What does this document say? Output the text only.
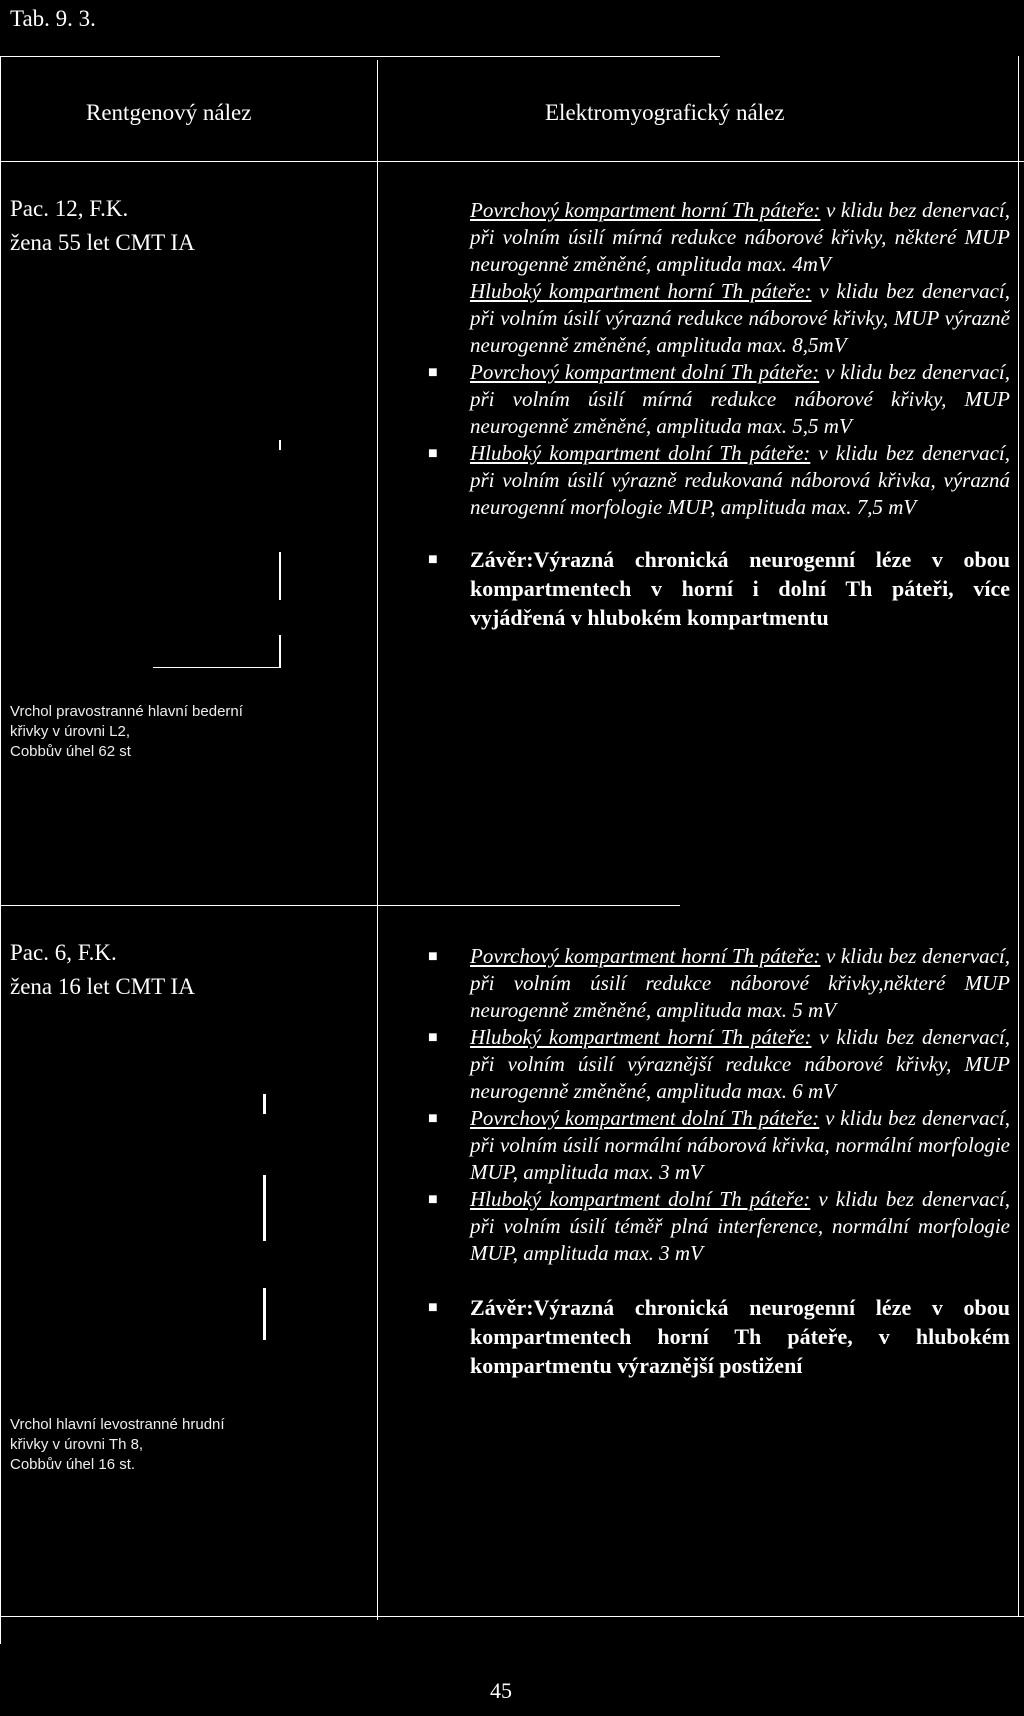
Tab. 9. 3.
Rentgenový nález	Elektromyografický nález
Pac. 12, F.K.
žena 55 let CMT IA
Vrchol pravostranné hlavní bederní
křivky v úrovni L2,
Cobbův úhel 62 st
Povrchový kompartment horní Th páteře: v klidu bez denervací, při volním úsilí mírná redukce náborové křivky, některé MUP neurogenně změněné, amplituda max. 4mV
Hluboký kompartment horní Th páteře: v klidu bez denervací, při volním úsilí výrazná redukce náborové křivky, MUP výrazně neurogenně změněné, amplituda max. 8,5mV
■ Povrchový kompartment dolní Th páteře: v klidu bez denervací, při volním úsilí mírná redukce náborové křivky, MUP neurogenně změněné, amplituda max. 5,5 mV
■ Hluboký kompartment dolní Th páteře: v klidu bez denervací, při volním úsilí výrazně redukovaná náborová křivka, výrazná neurogenní morfologie MUP, amplituda max. 7,5 mV
■ Závěr:Výrazná chronická neurogenní léze v obou kompartmentech v horní i dolní Th páteři, více vyjádřená v hlubokém kompartmentu
Pac. 6, F.K.
žena 16 let CMT IA
Vrchol hlavní levostranné hrudní
křivky v úrovni Th 8,
Cobbův úhel 16 st.
■ Povrchový kompartment horní Th páteře: v klidu bez denervací, při volním úsilí redukce náborové křivky,některé MUP neurogenně změněné, amplituda max. 5 mV
■ Hluboký kompartment horní Th páteře: v klidu bez denervací, při volním úsilí výraznější redukce náborové křivky, MUP neurogenně změněné, amplituda max. 6 mV
■ Povrchový kompartment dolní Th páteře: v klidu bez denervací, při volním úsilí normální náborová křivka, normální morfologie MUP, amplituda max. 3 mV
■ Hluboký kompartment dolní Th páteře: v klidu bez denervací, při volním úsilí téměř plná interference, normální morfologie MUP, amplituda max. 3 mV
■ Závěr:Výrazná chronická neurogenní léze v obou kompartmentech horní Th páteře, v hlubokém kompartmentu výraznější postižení
45
